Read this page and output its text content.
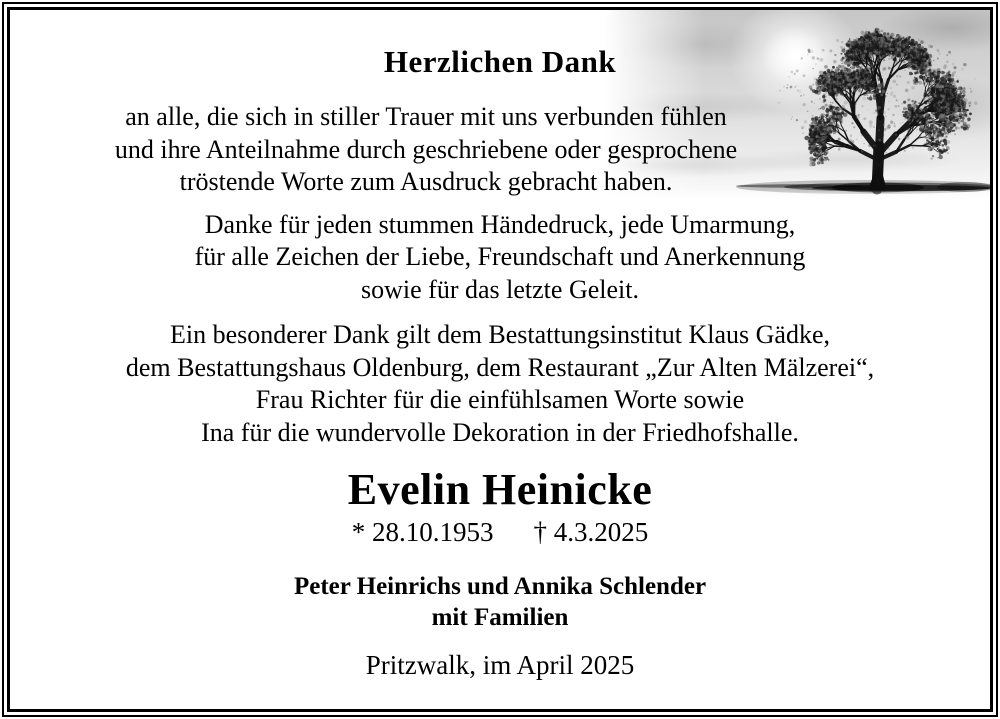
Herzlichen Dank
an alle, die sich in stiller Trauer mit uns verbunden fühlen
und ihre Anteilnahme durch geschriebene oder gesprochene
tröstende Worte zum Ausdruck gebracht haben.
Danke für jeden stummen Händedruck, jede Umarmung,
für alle Zeichen der Liebe, Freundschaft und Anerkennung
sowie für das letzte Geleit.
Ein besonderer Dank gilt dem Bestattungsinstitut Klaus Gädke,
dem Bestattungshaus Oldenburg, dem Restaurant „Zur Alten Mälzerei“,
Frau Richter für die einfühlsamen Worte sowie
Ina für die wundervolle Dekoration in der Friedhofshalle.
Evelin Heinicke
* 28.10.1953 † 4.3.2025
Peter Heinrichs und Annika Schlender
mit Familien
Pritzwalk, im April 2025
